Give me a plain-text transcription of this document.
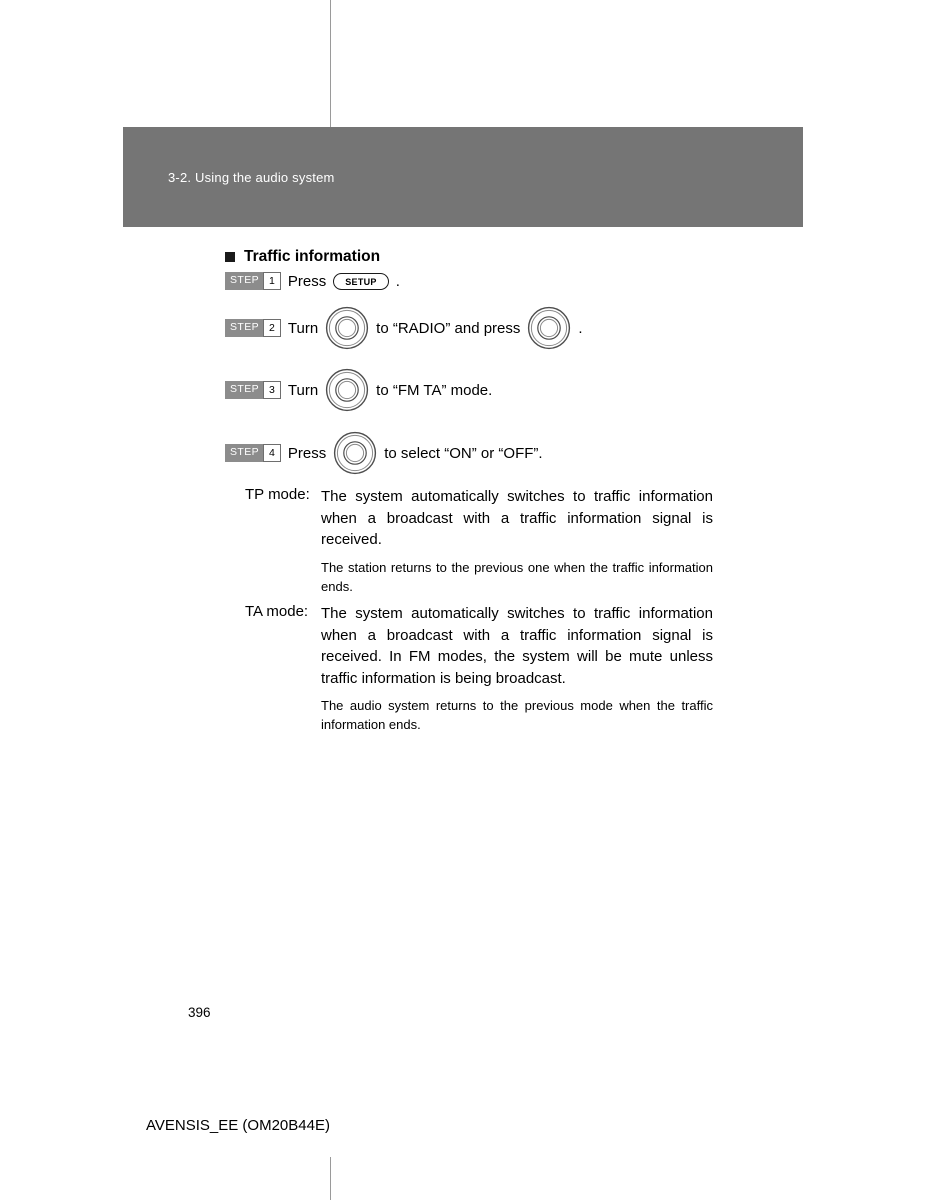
3-2. Using the audio system
Traffic information
STEP 1 Press	SETUP	.
STEP 2 Turn	to “RADIO” and press	.
STEP 3 Turn	to “FM TA” mode.
STEP 4 Press	to select “ON” or “OFF”.
TP mode: The system automatically switches to traffic information when a broadcast with a traffic information signal is received.
The station returns to the previous one when the traffic information ends.
TA mode: The system automatically switches to traffic information when a broadcast with a traffic information signal is received. In FM modes, the system will be mute unless traffic information is being broadcast.
The audio system returns to the previous mode when the traffic information ends.
396
AVENSIS_EE (OM20B44E)
